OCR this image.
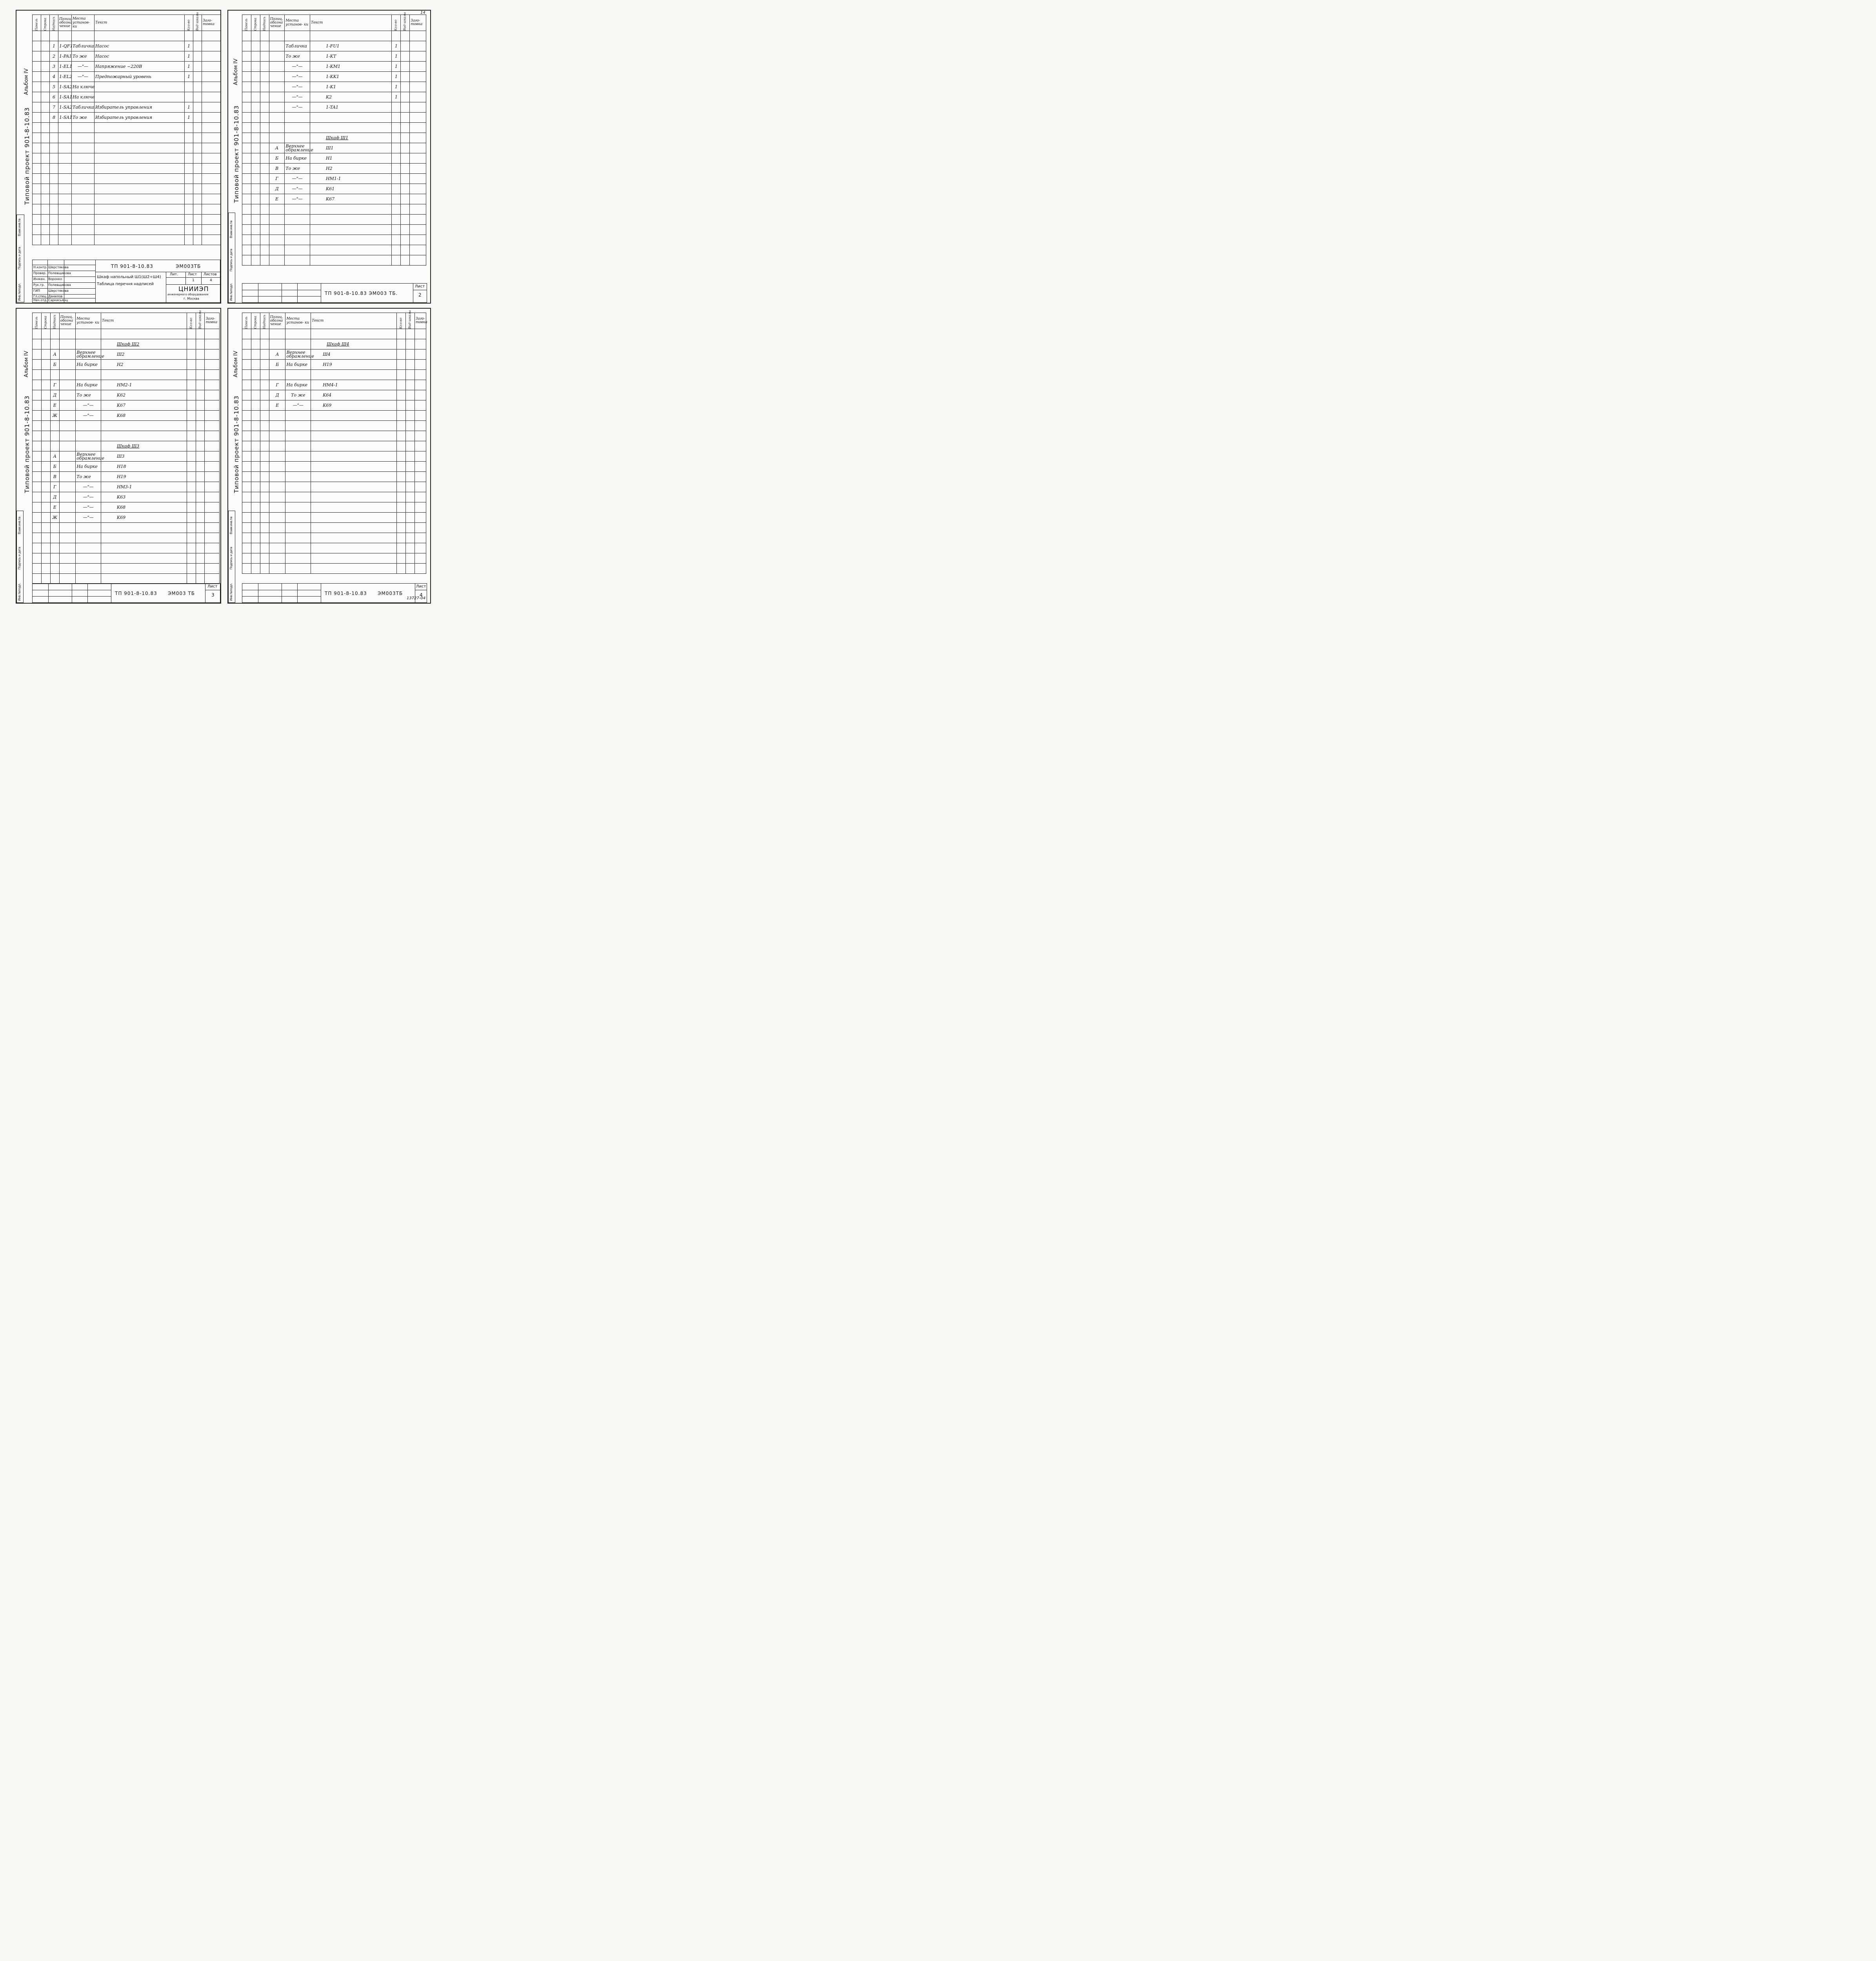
Типовой проект 901-8-10.83
Альбом IV
Инв.№подл.
Подпись и дата
Взам.инв.№
Панель	Строка	Надпись	Позиц. обозна чение	Места установ- ки	Текст	Кол-во	Вид шкалы	Заго- товка

		1	1-QF1	Табличка	Насос	1		
		2	1-PA1	То же	Насос	1		
		3	1-EL1	—"—	Напряжение ~220В	1		
		4	1-EL2	—"—	Предпожарный уровень	1		
		5	1-SA2	На ключе				
		6	1-SA1	На ключе				
		7	1-SA2	Табличка	Избиратель управления	1		
		8	1-SA1	То же	Избиратель управления	1		

Н.контр. Шерстякова
Провер. Полевщикова
Инжен. Воронко
Рук.гр. Полевщикова
ГИП	Шерстякова
Гл.спец. Данилов
Нач.отд. Саркисьянц
ТП 901-8-10.83	ЭМ003ТБ
Шкаф напольный Ш1(Ш2÷Ш4)
Таблица перечня надписей
Лит.	Лист Листов
1	4
ЦНИИЭП
инженерного оборудования
г. Москва
14
Типовой проект 901-8-10.83
Альбом IV
Инв.№подл.
Подпись и дата
Взам.инв.№
Панель	Строка	Надпись	Позиц. обозна чение	Места установ- ки	Текст	Кол-во	Вид шкалы	Заго- товка

				Табличка	1-FU1	1		
				То же	1-KT	1		
				—"—	1-KM1	1		
				—"—	1-KK1	1		
				—"—	1-K1	1		
				—"—	K2	1		
				—"—	1-TA1			

					Шкаф Ш1			
			А	Верхнее обрамление	Ш1			
			Б	На бирке	H1			
			В	То же	H2			
			Г	—"—	HM1-1			
			Д	—"—	K61			
			Е	—"—	K67			

ТП 901-8-10.83 ЭМ003 ТБ.
Лист
2
Типовой проект 901-8-10.83
Альбом IV
Инв.№подл.
Подпись и дата
Взам.инв.№
Панель	Строка	Надпись	Позиц. обозна чение	Места установ- ки	Текст	Кол-во	Вид шкалы	Заго- товка

					Шкаф Ш2			
		А		Верхнее обрамление	Ш2			
		Б		На бирке	H2			

		Г		На бирке	HM2-1			
		Д		То же	K62			
		Е		—"—	K67			
		Ж		—"—	K68			

					Шкаф Ш3			
		А		Верхнее обрамление	Ш3			
		Б		На бирке	H18			
		В		То же	H19			
		Г		—"—	HM3-1			
		Д		—"—	K63			
		Е		—"—	K68			
		Ж		—"—	K69			

ТП 901-8-10.83 ЭМ003 ТБ
Лист
3
Типовой проект 901-8-10.83
Альбом IV
Инв.№подл.
Подпись и дата
Взам.инв.№
Панель	Строка	Надпись	Позиц. обозна чение	Места установ- ки	Текст	Кол-во	Вид шкалы	Заго- товка

					Шкаф Ш4			
			А	Верхнее обрамление	Ш4			
			Б	На бирке	H19			

			Г	На бирке	HM4-1			
			Д	То же	K64			
			Е	—"—	K69			

ТП 901-8-10.83 ЭМ003ТБ
Лист
4
13727-04
